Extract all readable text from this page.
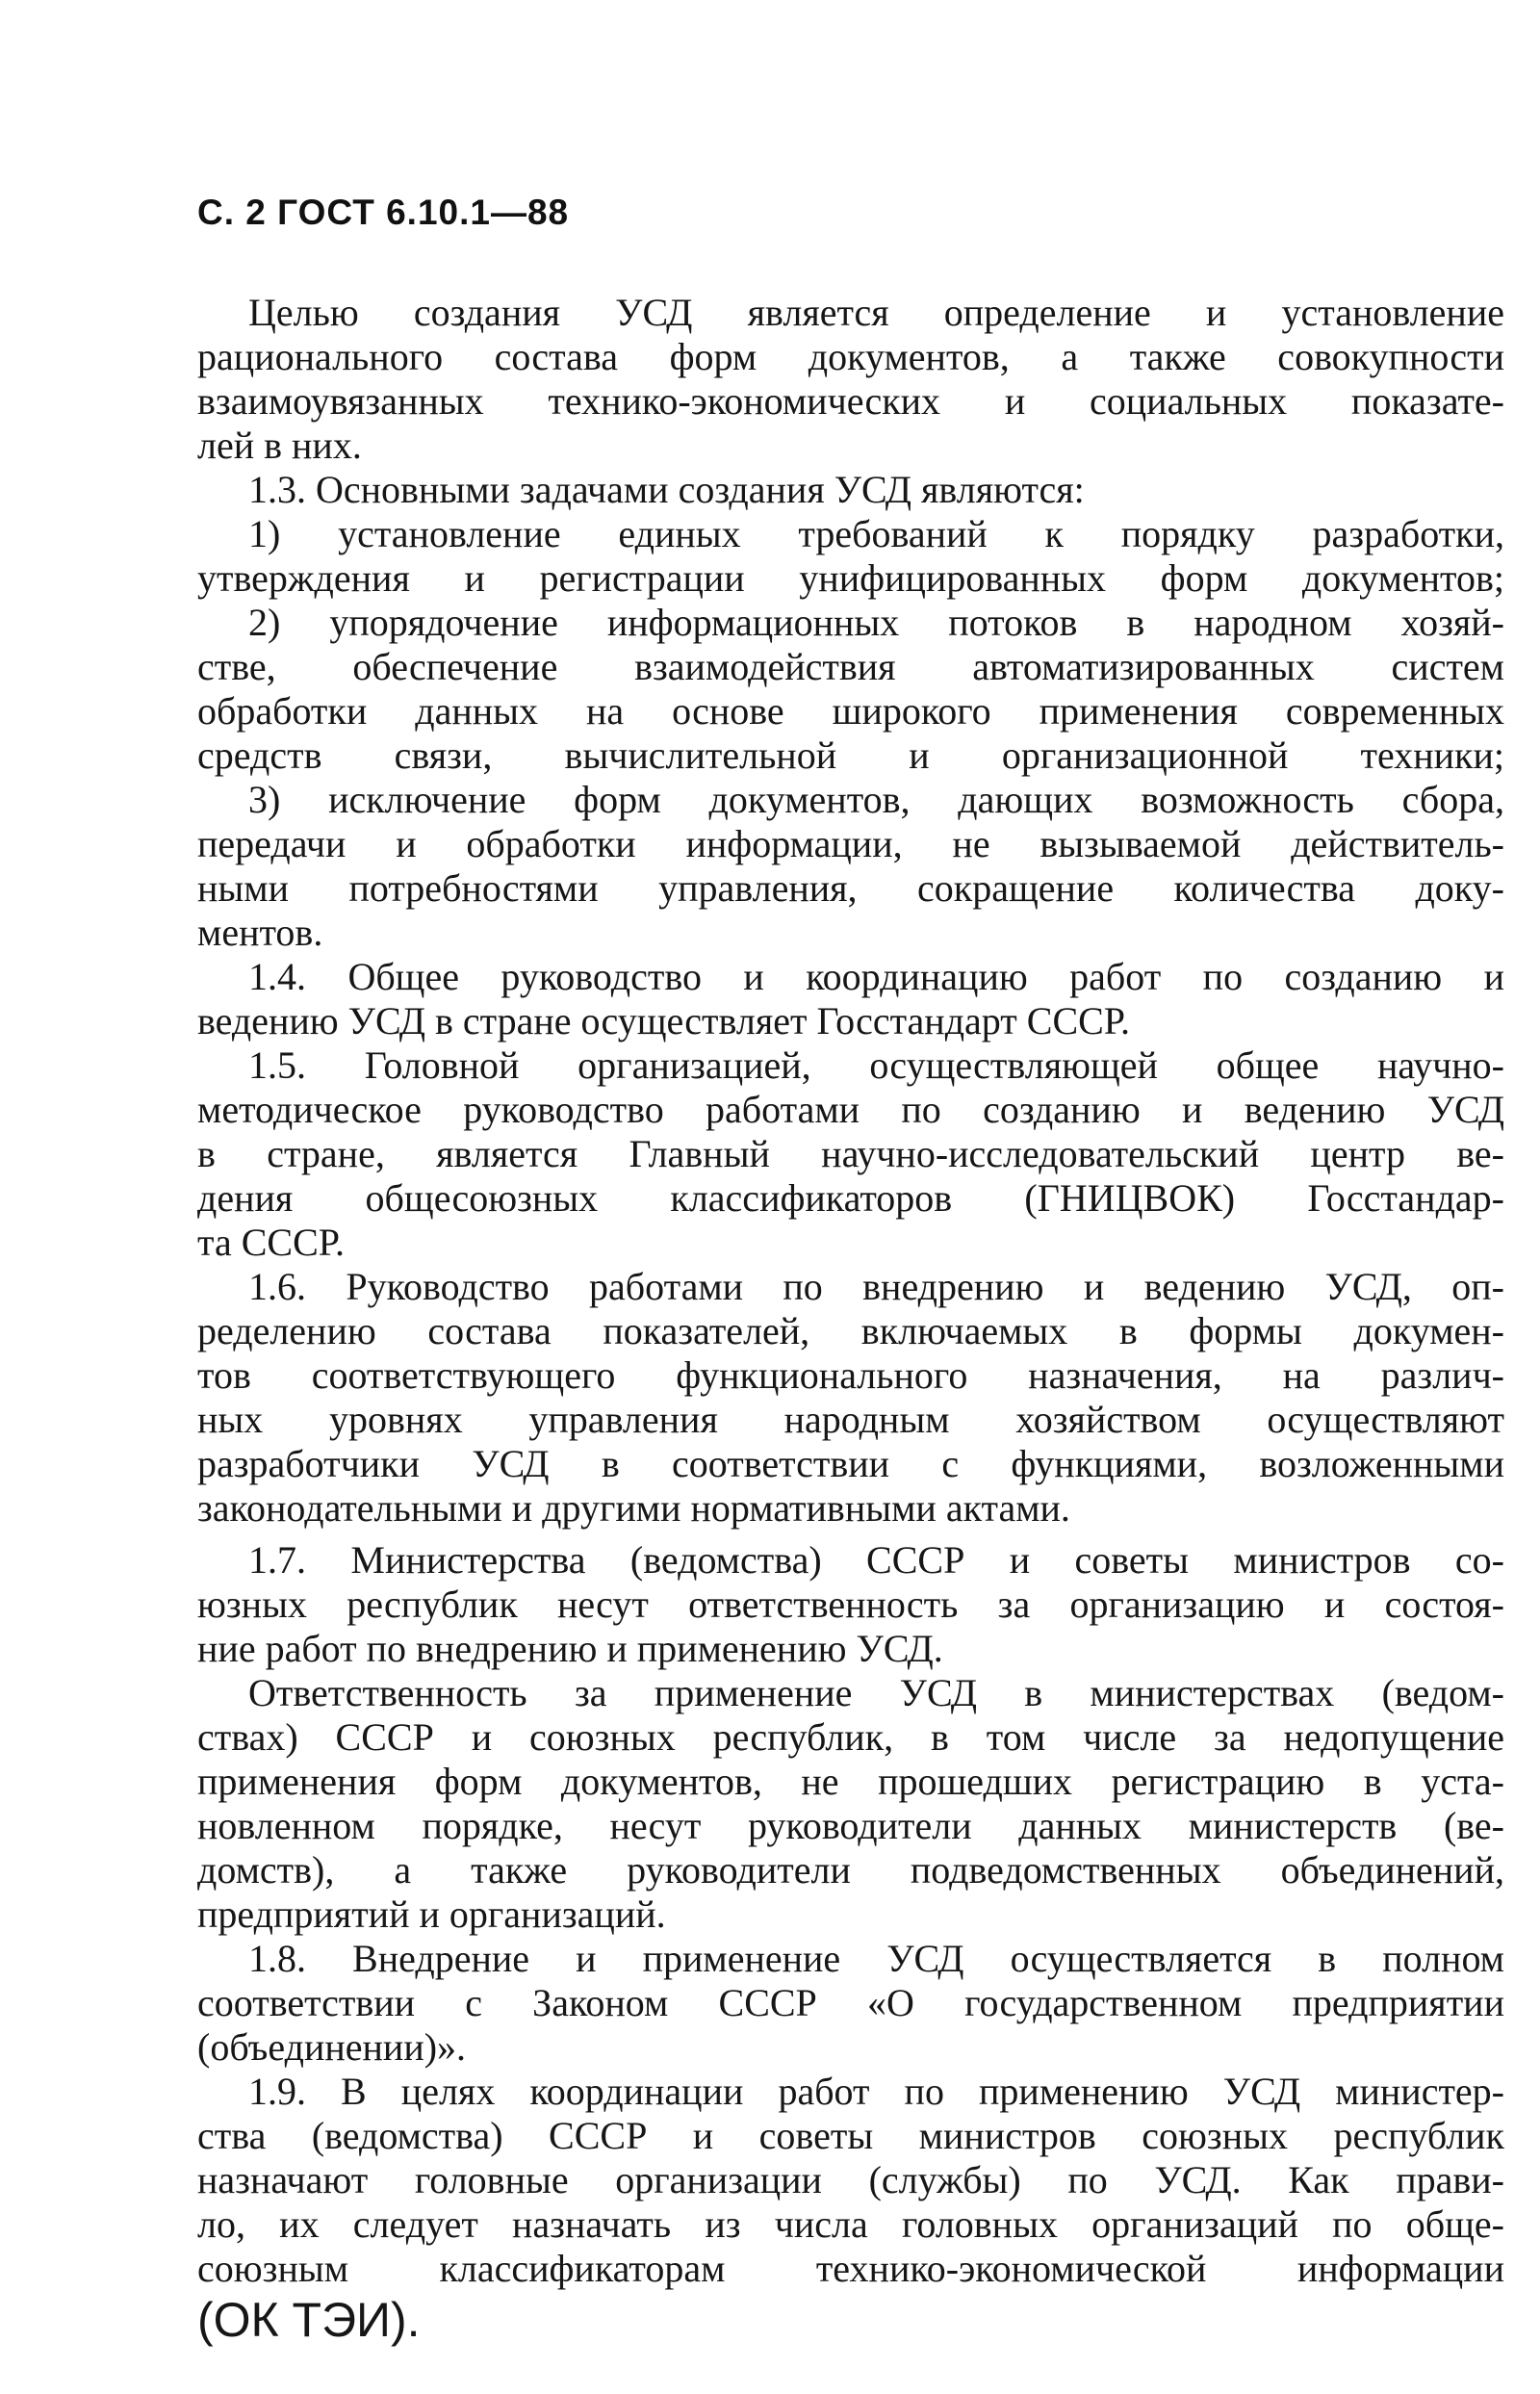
С. 2 ГОСТ 6.10.1—88
Целью создания УСД является определение и установление
рационального состава форм документов, а также совокупности
взаимоувязанных технико-экономических и социальных показате-
лей в них.
1.3. Основными задачами создания УСД являются:
1) установление единых требований к порядку разработки,
утверждения и регистрации унифицированных форм документов;
2) упорядочение информационных потоков в народном хозяй-
стве, обеспечение взаимодействия автоматизированных систем
обработки данных на основе широкого применения современных
средств связи, вычислительной и организационной техники;
3) исключение форм документов, дающих возможность сбора,
передачи и обработки информации, не вызываемой действитель-
ными потребностями управления, сокращение количества доку-
ментов.
1.4. Общее руководство и координацию работ по созданию и
ведению УСД в стране осуществляет Госстандарт СССР.
1.5. Головной организацией, осуществляющей общее научно-
методическое руководство работами по созданию и ведению УСД
в стране, является Главный научно-исследовательский центр ве-
дения общесоюзных классификаторов (ГНИЦВОК) Госстандар-
та СССР.
1.6. Руководство работами по внедрению и ведению УСД, оп-
ределению состава показателей, включаемых в формы докумен-
тов соответствующего функционального назначения, на различ-
ных уровнях управления народным хозяйством осуществляют
разработчики УСД в соответствии с функциями, возложенными
законодательными и другими нормативными актами.
1.7. Министерства (ведомства) СССР и советы министров со-
юзных республик несут ответственность за организацию и состоя-
ние работ по внедрению и применению УСД.
Ответственность за применение УСД в министерствах (ведом-
ствах) СССР и союзных республик, в том числе за недопущение
применения форм документов, не прошедших регистрацию в уста-
новленном порядке, несут руководители данных министерств (ве-
домств), а также руководители подведомственных объединений,
предприятий и организаций.
1.8. Внедрение и применение УСД осуществляется в полном
соответствии с Законом СССР «О государственном предприятии
(объединении)».
1.9. В целях координации работ по применению УСД министер-
ства (ведомства) СССР и советы министров союзных республик
назначают головные организации (службы) по УСД. Как прави-
ло, их следует назначать из числа головных организаций по обще-
союзным классификаторам технико-экономической информации
(ОК ТЭИ).
